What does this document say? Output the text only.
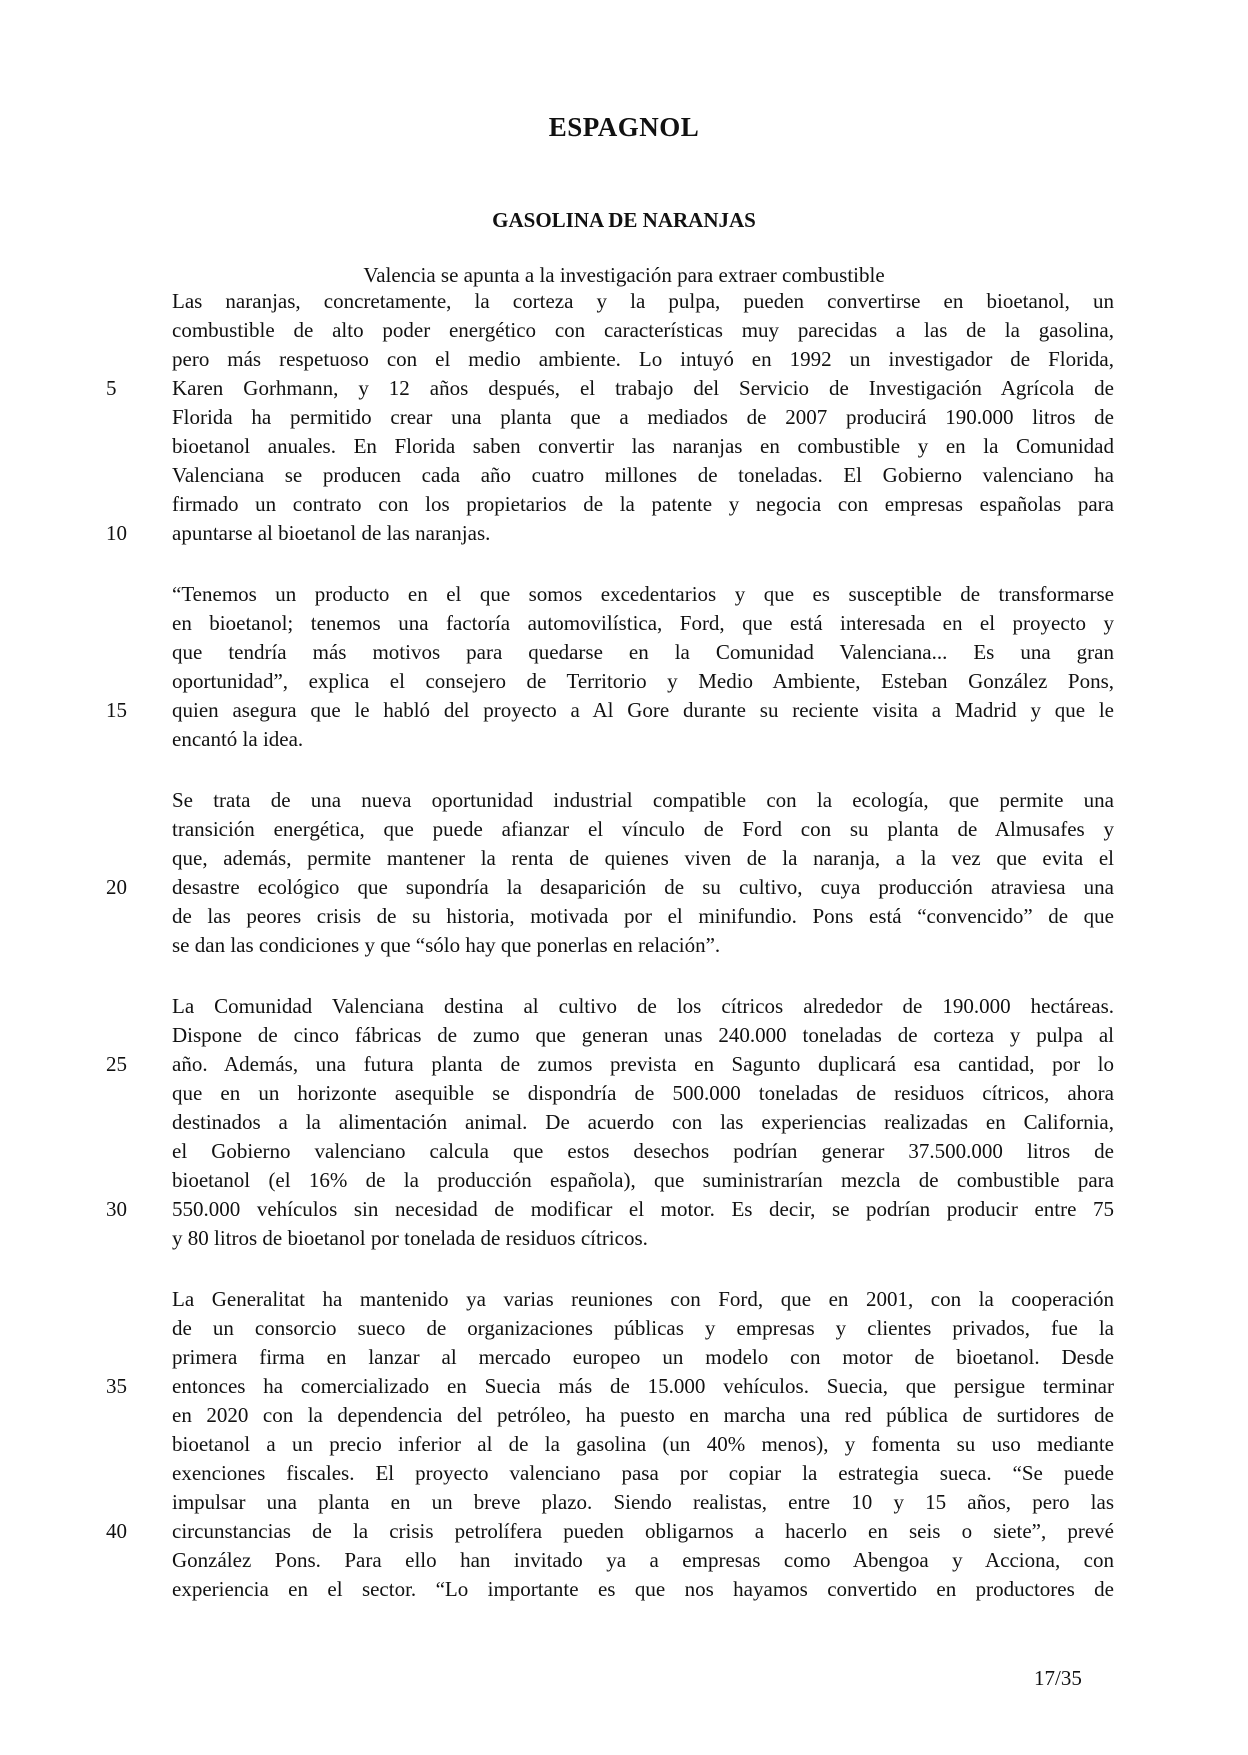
ESPAGNOL
GASOLINA DE NARANJAS
Valencia se apunta a la investigación para extraer combustible
Las naranjas, concretamente, la corteza y la pulpa, pueden convertirse en bioetanol, un
combustible de alto poder energético con características muy parecidas a las de la gasolina,
pero más respetuoso con el medio ambiente. Lo intuyó en 1992 un investigador de Florida,
Karen Gorhmann, y 12 años después, el trabajo del Servicio de Investigación Agrícola de
Florida ha permitido crear una planta que a mediados de 2007 producirá 190.000 litros de
bioetanol anuales. En Florida saben convertir las naranjas en combustible y en la Comunidad
Valenciana se producen cada año cuatro millones de toneladas. El Gobierno valenciano ha
firmado un contrato con los propietarios de la patente y negocia con empresas españolas para
apuntarse al bioetanol de las naranjas.
“Tenemos un producto en el que somos excedentarios y que es susceptible de transformarse
en bioetanol; tenemos una factoría automovilística, Ford, que está interesada en el proyecto y
que tendría más motivos para quedarse en la Comunidad Valenciana... Es una gran
oportunidad”, explica el consejero de Territorio y Medio Ambiente, Esteban González Pons,
quien asegura que le habló del proyecto a Al Gore durante su reciente visita a Madrid y que le
encantó la idea.
Se trata de una nueva oportunidad industrial compatible con la ecología, que permite una
transición energética, que puede afianzar el vínculo de Ford con su planta de Almusafes y
que, además, permite mantener la renta de quienes viven de la naranja, a la vez que evita el
desastre ecológico que supondría la desaparición de su cultivo, cuya producción atraviesa una
de las peores crisis de su historia, motivada por el minifundio. Pons está “convencido” de que
se dan las condiciones y que “sólo hay que ponerlas en relación”.
La Comunidad Valenciana destina al cultivo de los cítricos alrededor de 190.000 hectáreas.
Dispone de cinco fábricas de zumo que generan unas 240.000 toneladas de corteza y pulpa al
año. Además, una futura planta de zumos prevista en Sagunto duplicará esa cantidad, por lo
que en un horizonte asequible se dispondría de 500.000 toneladas de residuos cítricos, ahora
destinados a la alimentación animal. De acuerdo con las experiencias realizadas en California,
el Gobierno valenciano calcula que estos desechos podrían generar 37.500.000 litros de
bioetanol (el 16% de la producción española), que suministrarían mezcla de combustible para
550.000 vehículos sin necesidad de modificar el motor. Es decir, se podrían producir entre 75
y 80 litros de bioetanol por tonelada de residuos cítricos.
La Generalitat ha mantenido ya varias reuniones con Ford, que en 2001, con la cooperación
de un consorcio sueco de organizaciones públicas y empresas y clientes privados, fue la
primera firma en lanzar al mercado europeo un modelo con motor de bioetanol. Desde
entonces ha comercializado en Suecia más de 15.000 vehículos. Suecia, que persigue terminar
en 2020 con la dependencia del petróleo, ha puesto en marcha una red pública de surtidores de
bioetanol a un precio inferior al de la gasolina (un 40% menos), y fomenta su uso mediante
exenciones fiscales. El proyecto valenciano pasa por copiar la estrategia sueca. “Se puede
impulsar una planta en un breve plazo. Siendo realistas, entre 10 y 15 años, pero las
circunstancias de la crisis petrolífera pueden obligarnos a hacerlo en seis o siete”, prevé
González Pons. Para ello han invitado ya a empresas como Abengoa y Acciona, con
experiencia en el sector. “Lo importante es que nos hayamos convertido en productores de
5
10
15
20
25
30
35
40
17/35
